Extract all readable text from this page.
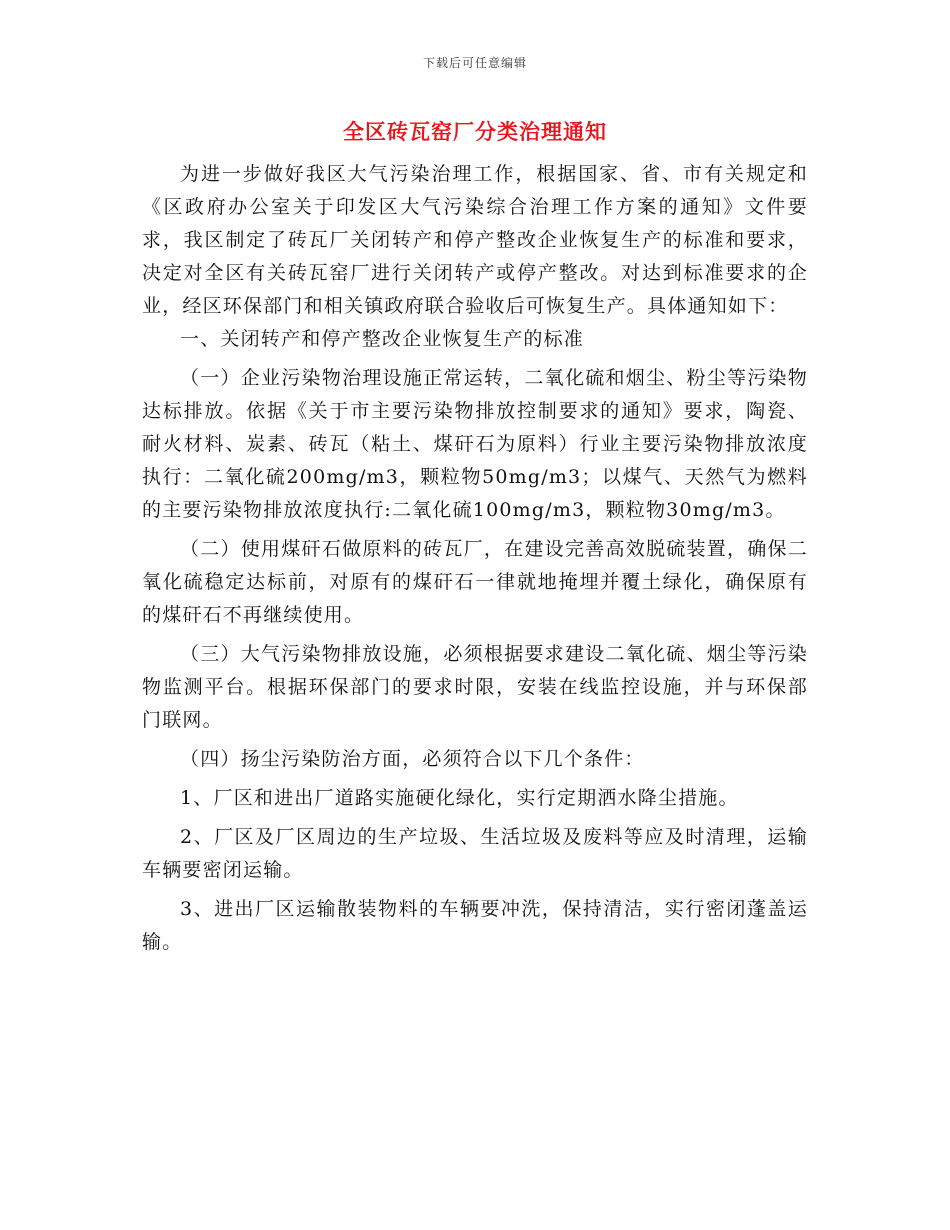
下载后可任意编辑
全区砖瓦窑厂分类治理通知

为进一步做好我区大气污染治理工作，根据国家、省、市有关规定和《区政府办公室关于印发区大气污染综合治理工作方案的通知》文件要求，我区制定了砖瓦厂关闭转产和停产整改企业恢复生产的标准和要求，决定对全区有关砖瓦窑厂进行关闭转产或停产整改。对达到标准要求的企业，经区环保部门和相关镇政府联合验收后可恢复生产。具体通知如下：

一、关闭转产和停产整改企业恢复生产的标准

（一）企业污染物治理设施正常运转，二氧化硫和烟尘、粉尘等污染物达标排放。依据《关于市主要污染物排放控制要求的通知》要求，陶瓷、耐火材料、炭素、砖瓦（粘土、煤矸石为原料）行业主要污染物排放浓度执行：二氧化硫200mg/m3，颗粒物50mg/m3；以煤气、天然气为燃料的主要污染物排放浓度执行:二氧化硫100mg/m3，颗粒物30mg/m3。

（二）使用煤矸石做原料的砖瓦厂，在建设完善高效脱硫装置，确保二氧化硫稳定达标前，对原有的煤矸石一律就地掩埋并覆土绿化，确保原有的煤矸石不再继续使用。

（三）大气污染物排放设施，必须根据要求建设二氧化硫、烟尘等污染物监测平台。根据环保部门的要求时限，安装在线监控设施，并与环保部门联网。

（四）扬尘污染防治方面，必须符合以下几个条件：

1、厂区和进出厂道路实施硬化绿化，实行定期洒水降尘措施。

2、厂区及厂区周边的生产垃圾、生活垃圾及废料等应及时清理，运输车辆要密闭运输。

3、进出厂区运输散装物料的车辆要冲洗，保持清洁，实行密闭蓬盖运输。
